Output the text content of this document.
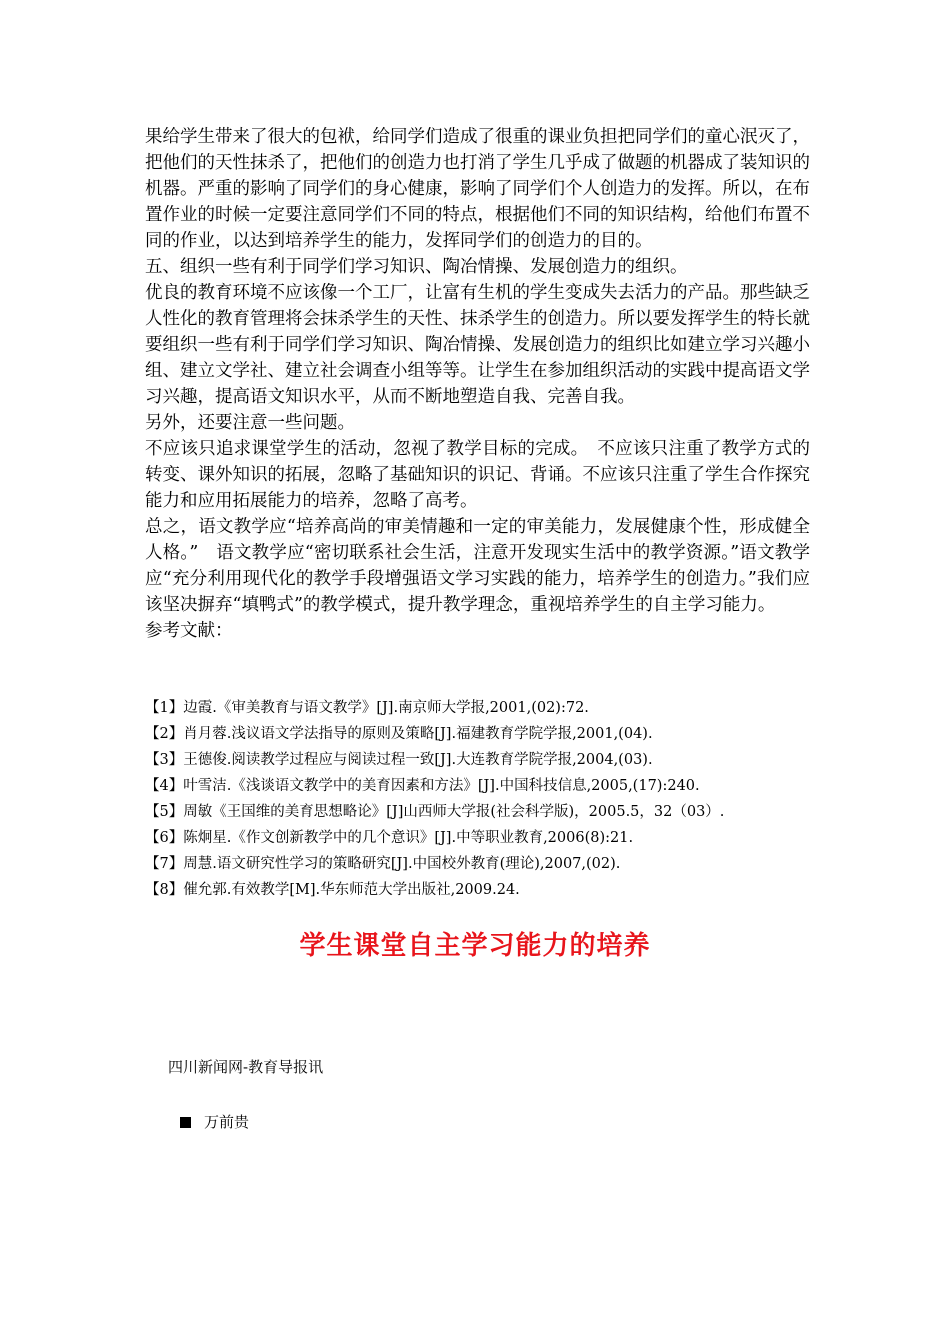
果给学生带来了很大的包袱，给同学们造成了很重的课业负担把同学们的童心泯灭了，把他们的天性抹杀了，把他们的创造力也打消了学生几乎成了做题的机器成了装知识的机器。严重的影响了同学们的身心健康，影响了同学们个人创造力的发挥。所以，在布置作业的时候一定要注意同学们不同的特点，根据他们不同的知识结构，给他们布置不同的作业，以达到培养学生的能力，发挥同学们的创造力的目的。

五、组织一些有利于同学们学习知识、陶冶情操、发展创造力的组织。

优良的教育环境不应该像一个工厂，让富有生机的学生变成失去活力的产品。那些缺乏人性化的教育管理将会抹杀学生的天性、抹杀学生的创造力。所以要发挥学生的特长就要组织一些有利于同学们学习知识、陶冶情操、发展创造力的组织比如建立学习兴趣小组、建立文学社、建立社会调查小组等等。让学生在参加组织活动的实践中提高语文学习兴趣，提高语文知识水平，从而不断地塑造自我、完善自我。

另外，还要注意一些问题。

不应该只追求课堂学生的活动，忽视了教学目标的完成。　不应该只注重了教学方式的转变、课外知识的拓展，忽略了基础知识的识记、背诵。不应该只注重了学生合作探究能力和应用拓展能力的培养，忽略了高考。

总之，语文教学应“培养高尚的审美情趣和一定的审美能力，发展健康个性，形成健全人格。”　语文教学应“密切联系社会生活，注意开发现实生活中的教学资源。”语文教学应“充分利用现代化的教学手段增强语文学习实践的能力，培养学生的创造力。”我们应该坚决摒弃“填鸭式”的教学模式，提升教学理念，重视培养学生的自主学习能力。

参考文献：

【1】边霞.《审美教育与语文教学》[J].南京师大学报,2001,(02):72.

【2】肖月蓉.浅议语文学法指导的原则及策略[J].福建教育学院学报,2001,(04).

【3】王德俊.阅读教学过程应与阅读过程一致[J].大连教育学院学报,2004,(03).

【4】叶雪洁.《浅谈语文教学中的美育因素和方法》[J].中国科技信息,2005,(17):240.

【5】周敏《王国维的美育思想略论》[J]山西师大学报(社会科学版)，2005.5，32（03）.

【6】陈炯星.《作文创新教学中的几个意识》[J].中等职业教育,2006(8):21.

【7】周慧.语文研究性学习的策略研究[J].中国校外教育(理论),2007,(02).

【8】催允郭.有效教学[M].华东师范大学出版社,2009.24.

学生课堂自主学习能力的培养
四川新闻网-教育导报讯
万前贵
